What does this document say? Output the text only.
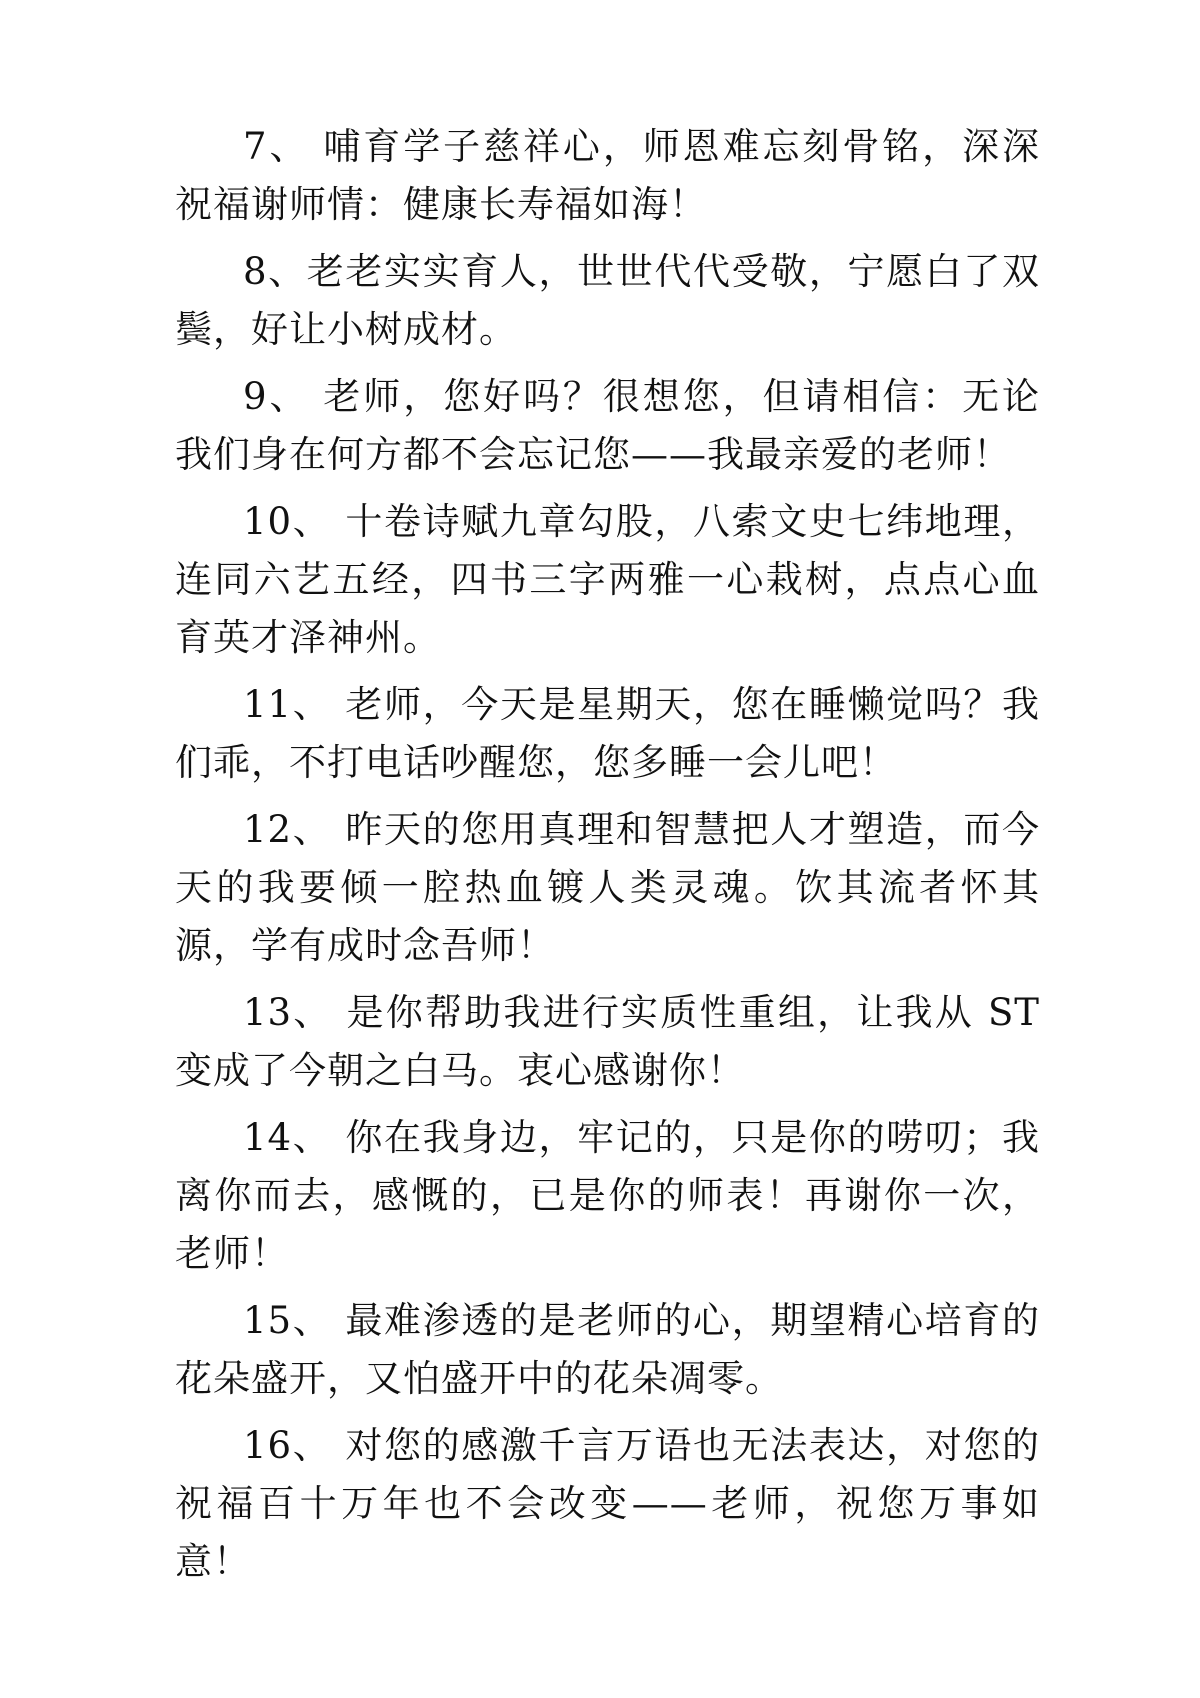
7、 哺育学子慈祥心，师恩难忘刻骨铭，深深祝福谢师情：健康长寿福如海！

8、老老实实育人，世世代代受敬，宁愿白了双鬓，好让小树成材。

9、 老师，您好吗？很想您，但请相信：无论我们身在何方都不会忘记您——我最亲爱的老师！

10、 十卷诗赋九章勾股，八索文史七纬地理，连同六艺五经，四书三字两雅一心栽树，点点心血育英才泽神州。

11、 老师，今天是星期天，您在睡懒觉吗？我们乖，不打电话吵醒您，您多睡一会儿吧！

12、 昨天的您用真理和智慧把人才塑造，而今天的我要倾一腔热血镀人类灵魂。饮其流者怀其源，学有成时念吾师！

13、 是你帮助我进行实质性重组，让我从 ST 变成了今朝之白马。衷心感谢你！

14、 你在我身边，牢记的，只是你的唠叨；我离你而去，感慨的，已是你的师表！再谢你一次，老师！

15、 最难渗透的是老师的心，期望精心培育的花朵盛开，又怕盛开中的花朵凋零。

16、 对您的感激千言万语也无法表达，对您的祝福百十万年也不会改变——老师，祝您万事如意！
